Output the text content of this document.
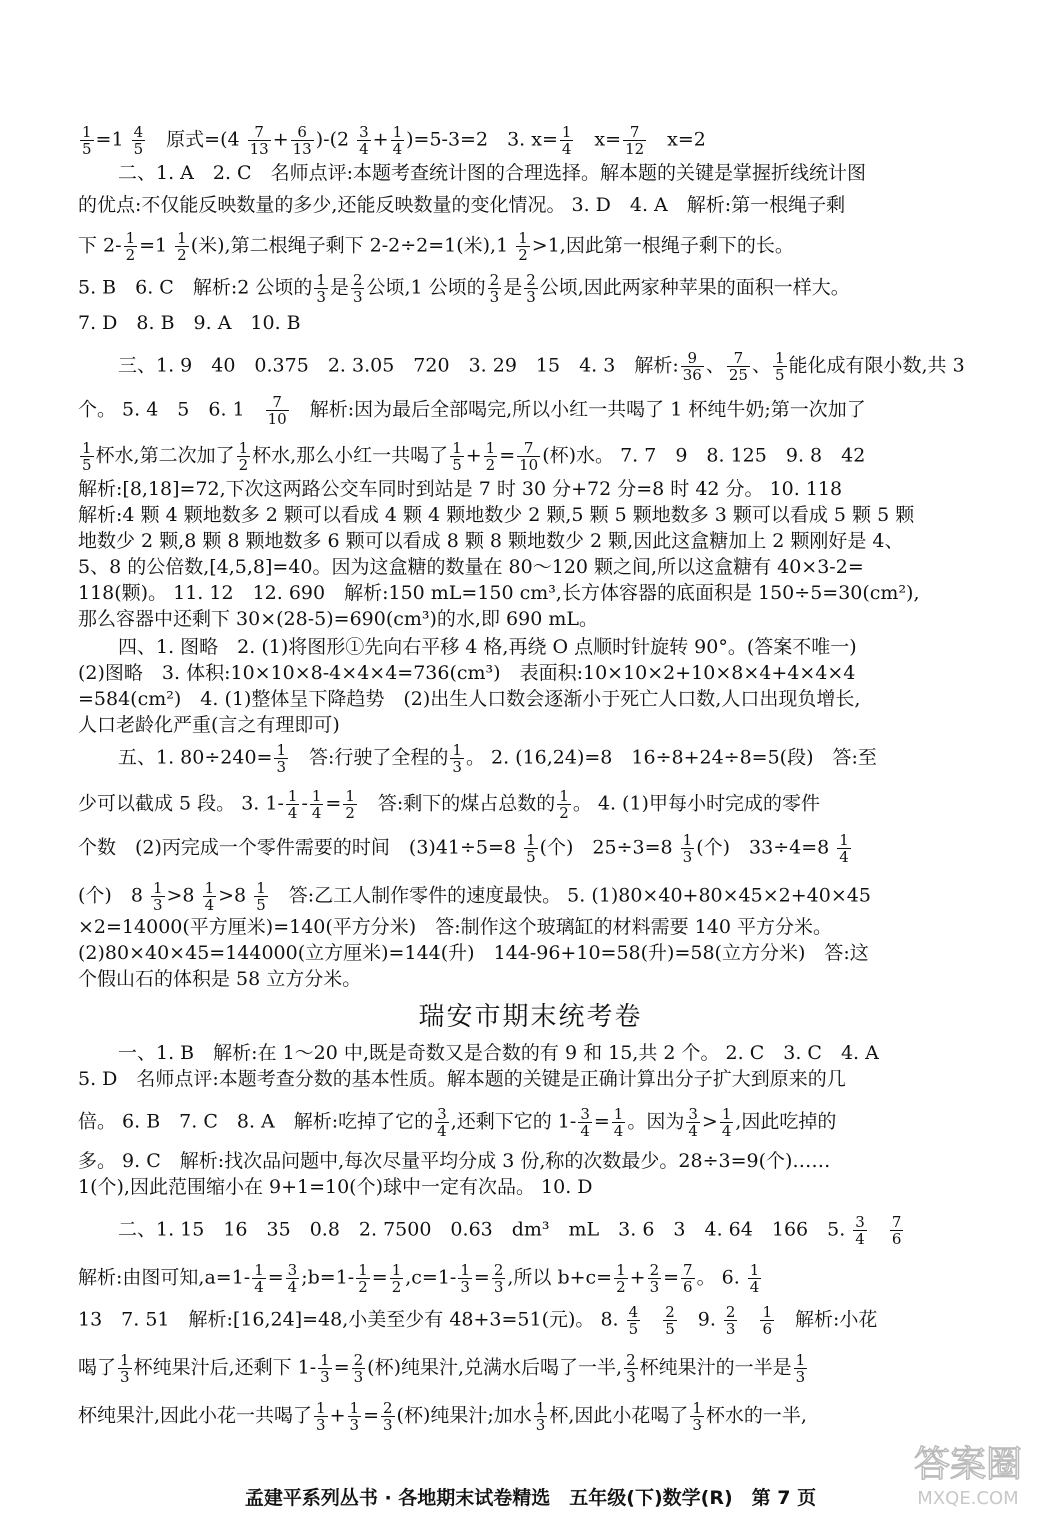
$\frac{1}{5} =1 \frac{4}{5}$ 　原式$=(4 \frac{7}{13} + \frac{6}{13} )-(2 \frac{3}{4} + \frac{1}{4} )=5-3=2$　3. $x= \frac{1}{4}$ 　$x= \frac{7}{12}$ 　x=2
二、1. A　2. C　名师点评:本题考查统计图的合理选择。解本题的关键是掌握折线统计图
的优点:不仅能反映数量的多少,还能反映数量的变化情况。 3. D　4. A　解析:第一根绳子剩
下 $2- \frac{1}{2} =1 \frac{1}{2}$ (米),第二根绳子剩下 2-2÷2=1(米)$,1 \frac{1}{2} >1$,因此第一根绳子剩下的长。
5. B　6. C　解析:2 公顷的 $\frac{1}{3}$ 是 $\frac{2}{3}$ 公顷,1 公顷的 $\frac{2}{3}$ 是 $\frac{2}{3}$ 公顷,因此两家种苹果的面积一样大。
7. D　8. B　9. A　10. B
三、1. 9　40　0.375　2. 3.05　720　3. 29　15　4. 3　解析: $\frac{9}{36}$ 、 $\frac{7}{25}$ 、 $\frac{1}{5}$ 能化成有限小数,共 3
个。 5. 4　5　6. 1　 $\frac{7}{10}$ 　解析:因为最后全部喝完,所以小红一共喝了 1 杯纯牛奶;第一次加了
$\frac{1}{5}$ 杯水,第二次加了 $\frac{1}{2}$ 杯水,那么小红一共喝了 $\frac{1}{5} + \frac{1}{2} = \frac{7}{10}$ (杯)水。 7. 7　9　8. 125　9. 8　42
解析:[8,18]=72,下次这两路公交车同时到站是 7 时 30 分+72 分=8 时 42 分。 10. 118
解析:4 颗 4 颗地数多 2 颗可以看成 4 颗 4 颗地数少 2 颗,5 颗 5 颗地数多 3 颗可以看成 5 颗 5 颗
地数少 2 颗,8 颗 8 颗地数多 6 颗可以看成 8 颗 8 颗地数少 2 颗,因此这盒糖加上 2 颗刚好是 4、
5、8 的公倍数,[4,5,8]=40。因为这盒糖的数量在 80～120 颗之间,所以这盒糖有 40×3-2=
118(颗)。 11. 12　12. 690　解析:150 mL=150 cm³,长方体容器的底面积是 150÷5=30(cm²),
那么容器中还剩下 30×(28-5)=690(cm³)的水,即 690 mL。
四、1. 图略　2. (1)将图形①先向右平移 4 格,再绕 O 点顺时针旋转 90°。(答案不唯一)
(2)图略　3. 体积:10×10×8-4×4×4=736(cm³)　表面积:10×10×2+10×8×4+4×4×4
=584(cm²)　4. (1)整体呈下降趋势　(2)出生人口数会逐渐小于死亡人口数,人口出现负增长,
人口老龄化严重(言之有理即可)
五、1. $80\div 240= \frac{1}{3}$ 　答:行驶了全程的 $\frac{1}{3}$ 。 2. (16,24)=8　16÷8+24÷8=5(段)　答:至
少可以截成 5 段。 3. $1- \frac{1}{4} - \frac{1}{4} = \frac{1}{2}$ 　答:剩下的煤占总数的 $\frac{1}{2}$ 。 4. (1)甲每小时完成的零件
个数　(2)丙完成一个零件需要的时间　$(3)41\div 5=8 \frac{1}{5}$ (个)　$25\div 3=8 \frac{1}{3}$ (个)　$33\div 4=8 \frac{1}{4}$
(个)　$8 \frac{1}{3} >8 \frac{1}{4} >8 \frac{1}{5}$ 　答:乙工人制作零件的速度最快。 5. (1)80×40+80×45×2+40×45
×2=14000(平方厘米)=140(平方分米)　答:制作这个玻璃缸的材料需要 140 平方分米。
(2)80×40×45=144000(立方厘米)=144(升)　144-96+10=58(升)=58(立方分米)　答:这
个假山石的体积是 58 立方分米。
瑞安市期末统考卷
一、1. B　解析:在 1～20 中,既是奇数又是合数的有 9 和 15,共 2 个。 2. C　3. C　4. A
5. D　名师点评:本题考查分数的基本性质。解本题的关键是正确计算出分子扩大到原来的几
倍。 6. B　7. C　8. A　解析:吃掉了它的 $\frac{3}{4}$ ,还剩下它的 $1- \frac{3}{4} = \frac{1}{4}$ 。因为 $\frac{3}{4} > \frac{1}{4}$ ,因此吃掉的
多。 9. C　解析:找次品问题中,每次尽量平均分成 3 份,称的次数最少。28÷3=9(个)……
1(个),因此范围缩小在 9+1=10(个)球中一定有次品。 10. D
二、1. 15　16　35　0.8　2. 7500　0.63　dm³　mL　3. 6　3　4. 64　166　5. $\frac{3}{4}$
　 $\frac{7}{6}$
解析:由图可知$,a=1- \frac{1}{4} = \frac{3}{4}$ ;b=1- $\frac{1}{2} = \frac{1}{2} ,c=1- \frac{1}{3} = \frac{2}{3}$ ,所以 $b+c= \frac{1}{2} + \frac{2}{3} = \frac{7}{6}$ 。 6. $\frac{1}{4}$
13　7. 51　解析:[16,24]=48,小美至少有 48+3=51(元)。 8. $\frac{4}{5}$
　 $\frac{2}{5}$ 　9. $\frac{2}{3}$
　 $\frac{1}{6}$ 　解析:小花
喝了 $\frac{1}{3}$ 杯纯果汁后,还剩下 $1- \frac{1}{3} = \frac{2}{3}$ (杯)纯果汁,兑满水后喝了一半, $\frac{2}{3}$ 杯纯果汁的一半是 $\frac{1}{3}$
杯纯果汁,因此小花一共喝了 $\frac{1}{3} + \frac{1}{3} = \frac{2}{3}$ (杯)纯果汁;加水 $\frac{1}{3}$ 杯,因此小花喝了 $\frac{1}{3}$ 杯水的一半,
孟建平系列丛书 · 各地期末试卷精选　五年级(下)数学(R)　第 7 页
答案圈
MXQE.COM
